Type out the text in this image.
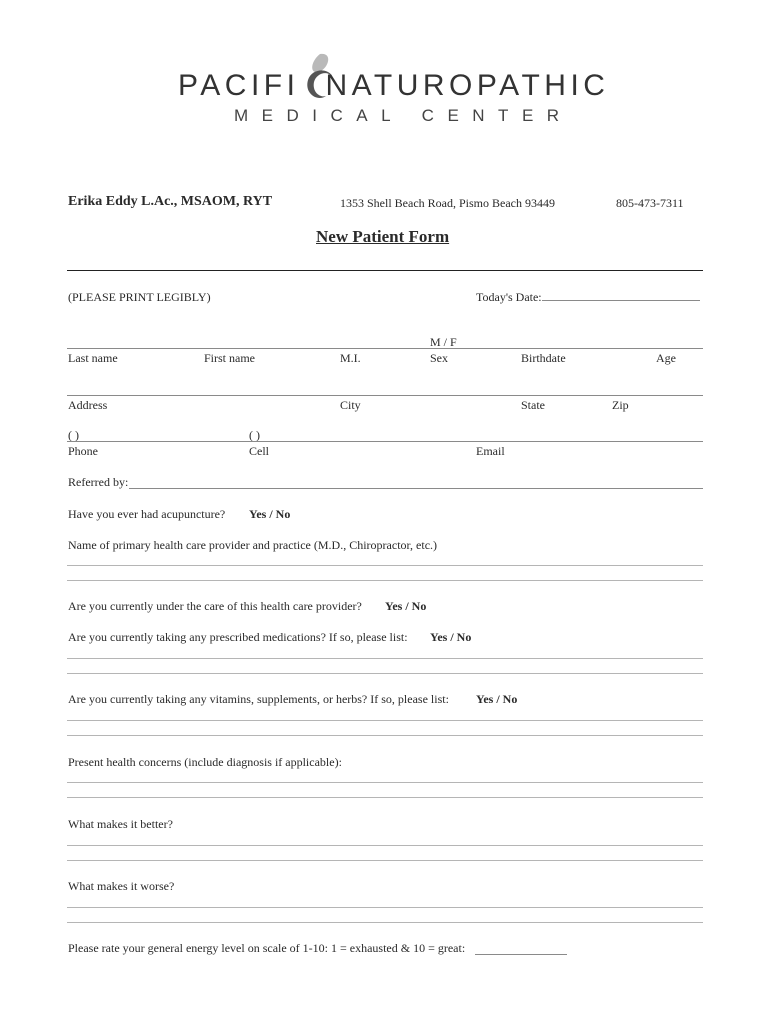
PACIFI NATUROPATHIC
MEDICAL CENTER
Erika Eddy L.Ac., MSAOM, RYT	1353 Shell Beach Road, Pismo Beach 93449	805-473-7311
New Patient Form
(PLEASE PRINT LEGIBLY)	Today's Date:
M / F
Last name	First name	M.I.	Sex	Birthdate	Age
Address	City	State	Zip
( )	( )
Phone	Cell	Email
Referred by:
Have you ever had acupuncture? Yes / No
Name of primary health care provider and practice (M.D., Chiropractor, etc.)
Are you currently under the care of this health care provider? Yes / No
Are you currently taking any prescribed medications? If so, please list: Yes / No
Are you currently taking any vitamins, supplements, or herbs? If so, please list: Yes / No
Present health concerns (include diagnosis if applicable):
What makes it better?
What makes it worse?
Please rate your general energy level on scale of 1-10: 1 = exhausted & 10 = great:
